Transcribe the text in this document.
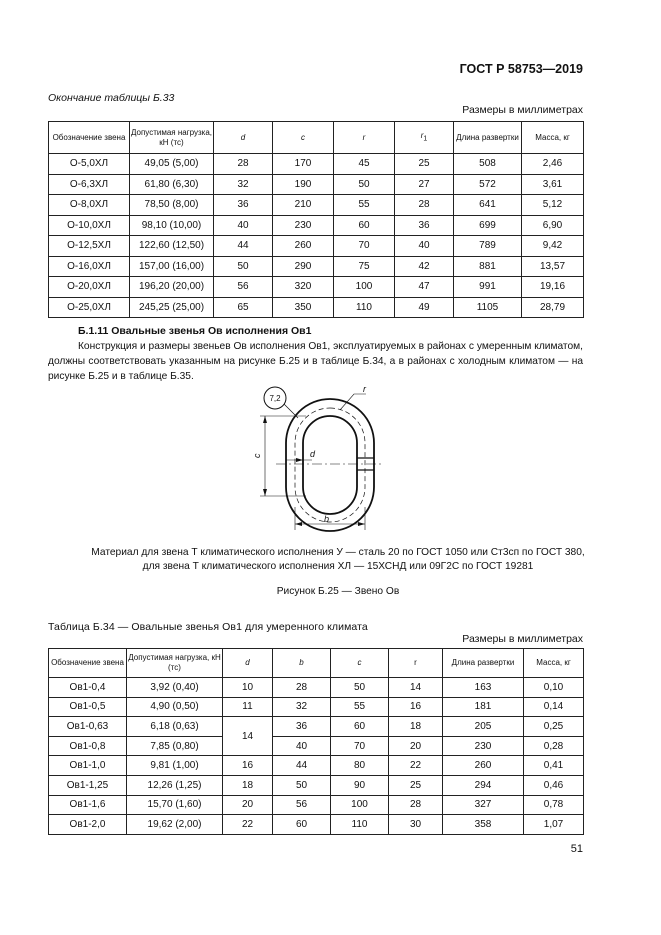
ГОСТ Р 58753—2019
Окончание таблицы Б.33
Размеры в миллиметрах
Обозначение звена	Допустимая нагрузка, кН (тс)	d	c	r	$r_1$	Длина развертки	Масса, кг
О-5,0ХЛ	49,05 (5,00)	28	170	45	25	508	2,46
О-6,3ХЛ	61,80 (6,30)	32	190	50	27	572	3,61
О-8,0ХЛ	78,50 (8,00)	36	210	55	28	641	5,12
О-10,0ХЛ	98,10 (10,00)	40	230	60	36	699	6,90
О-12,5ХЛ	122,60 (12,50)	44	260	70	40	789	9,42
О-16,0ХЛ	157,00 (16,00)	50	290	75	42	881	13,57
О-20,0ХЛ	196,20 (20,00)	56	320	100	47	991	19,16
О-25,0ХЛ	245,25 (25,00)	65	350	110	49	1105	28,79
Б.1.11 Овальные звенья Ов исполнения Ов1
Конструкция и размеры звеньев Ов исполнения Ов1, эксплуатируемых в районах с умеренным климатом, должны соответствовать указанным на рисунке Б.25 и в таблице Б.34, а в районах с холодным климатом — на рисунке Б.25 и в таблице Б.35.
7,2
r
d
c
b
Материал для звена Т климатического исполнения У — сталь 20 по ГОСТ 1050 или Ст3сп по ГОСТ 380,
для звена Т климатического исполнения ХЛ — 15ХСНД или 09Г2С по ГОСТ 19281
Рисунок Б.25 — Звено Ов
Таблица Б.34 — Овальные звенья Ов1 для умеренного климата
Размеры в миллиметрах
Обозначение звена	Допустимая нагрузка, кН (тс)	d	b	c	r	Длина развертки	Масса, кг
Ов1-0,4	3,92 (0,40)	10	28	50	14	163	0,10
Ов1-0,5	4,90 (0,50)	11	32	55	16	181	0,14
Ов1-0,63	6,18 (0,63)	14	36	60	18	205	0,25
Ов1-0,8	7,85 (0,80)		40	70	20	230	0,28
Ов1-1,0	9,81 (1,00)	16	44	80	22	260	0,41
Ов1-1,25	12,26 (1,25)	18	50	90	25	294	0,46
Ов1-1,6	15,70 (1,60)	20	56	100	28	327	0,78
Ов1-2,0	19,62 (2,00)	22	60	110	30	358	1,07
51
